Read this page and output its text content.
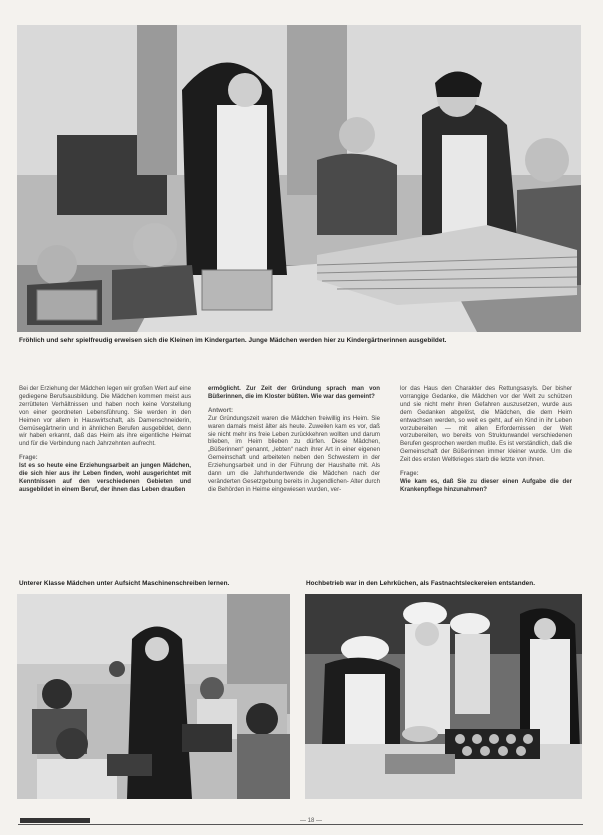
Fröhlich und sehr spielfreudig erweisen sich die Kleinen im Kindergarten. Junge Mädchen werden hier zu Kindergärtnerinnen ausgebildet.

Bei der Erziehung der Mädchen legen wir großen Wert auf eine gediegene Berufsausbildung. Die Mädchen kommen meist aus zerrütteten Verhältnissen und haben noch keine Vorstellung von einer geordneten Lebensführung. Sie werden in den Heimen vor allem in Hauswirtschaft, als Damenschneiderin, Gemüsegärtnerin und in ähnlichen Berufen ausgebildet, denn wir haben erkannt, daß das Heim als ihre eigentliche Heimat und für die Verbindung nach Jahrzehnten aufrecht.

Frage:

Ist es so heute eine Erziehungsarbeit an jungen Mädchen, die sich hier aus ihr Leben finden, wohl ausgerichtet mit Kenntnissen auf den verschiedenen Gebieten und ausgebildet in einem Beruf, der ihnen das Leben draußen

ermöglicht. Zur Zeit der Gründung sprach man von Büßerinnen, die im Kloster büßten. Wie war das gemeint?

Antwort:

Zur Gründungszeit waren die Mädchen freiwillig ins Heim. Sie waren damals meist älter als heute. Zuweilen kam es vor, daß sie nicht mehr ins freie Leben zurückkehren wollten und darum blieben, im Heim blieben zu dürfen. Diese Mädchen, „Büßerinnen“ genannt, „lebten“ nach ihrer Art in einer eigenen Gemeinschaft und arbeiteten neben den Schwestern in der Erziehungsarbeit und in der Führung der Haushalte mit. Als dann um die Jahrhundertwende die Mädchen nach der veränderten Gesetzgebung bereits in Jugendlichen- Alter durch die Behörden in Heime eingewiesen wurden, ver-

lor das Haus den Charakter des Rettungsasyls. Der bisher vorrangige Gedanke, die Mädchen vor der Welt zu schützen und sie nicht mehr ihren Gefahren auszusetzen, wurde aus dem Gedanken abgelöst, die Mädchen, die dem Heim entwachsen werden, so weit es geht, auf ein Kind in ihr Leben vorzubereiten — mit allen Erfordernissen der Welt vorzubereiten, wo bereits von Strukturwandel verschiedenen Berufen gesprochen werden mußte. Es ist verständlich, daß die Gemeinschaft der Büßerinnen immer kleiner wurde. Um die Zeit des ersten Weltkrieges starb die letzte von ihnen.

Frage:

Wie kam es, daß Sie zu dieser einen Aufgabe die der Krankenpflege hinzunahmen?

Unterer Klasse Mädchen unter Aufsicht Maschinenschreiben lernen.	Hochbetrieb war in den Lehrküchen, als Fastnachtsleckereien entstanden.
— 18 —
